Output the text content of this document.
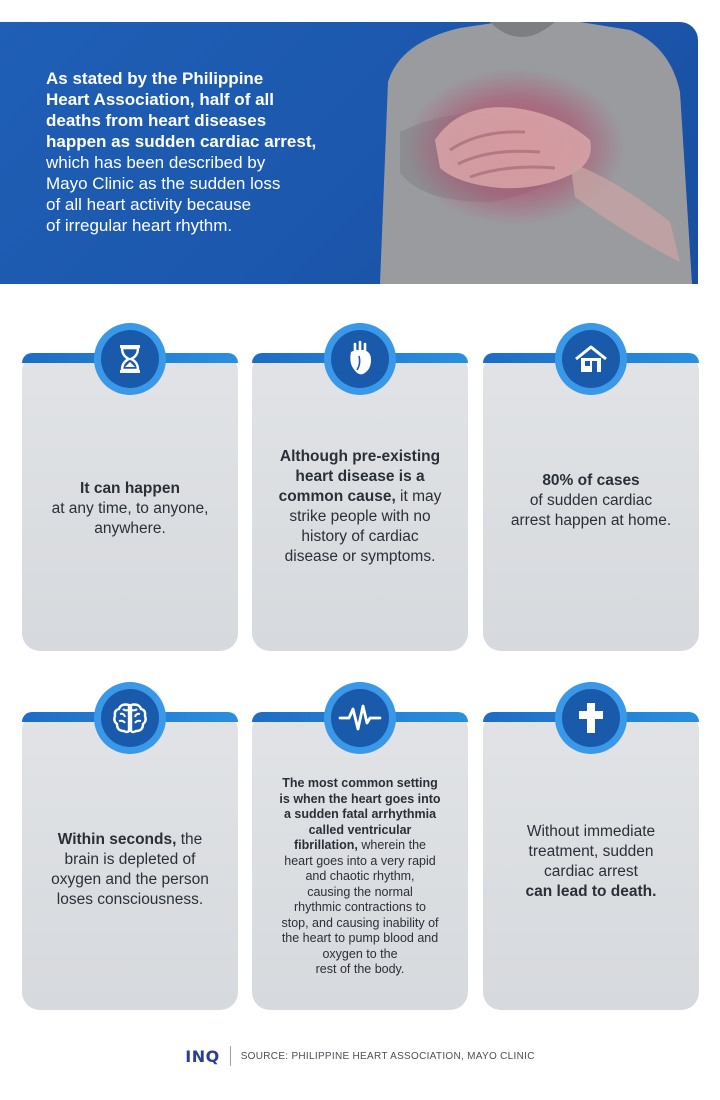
As stated by the Philippine
Heart Association, half of all
deaths from heart diseases
happen as sudden cardiac arrest,
which has been described by
Mayo Clinic as the sudden loss
of all heart activity because
of irregular heart rhythm.
It can happen
at any time, to anyone,
anywhere.
Although pre-existing
heart disease is a
common cause, it may
strike people with no
history of cardiac
disease or symptoms.
80% of cases
of sudden cardiac
arrest happen at home.
Within seconds, the
brain is depleted of
oxygen and the person
loses consciousness.
The most common setting
is when the heart goes into
a sudden fatal arrhythmia
called ventricular
fibrillation, wherein the
heart goes into a very rapid
and chaotic rhythm,
causing the normal
rhythmic contractions to
stop, and causing inability of
the heart to pump blood and
oxygen to the
rest of the body.
Without immediate
treatment, sudden
cardiac arrest
can lead to death.
INQ SOURCE: PHILIPPINE HEART ASSOCIATION, MAYO CLINIC
